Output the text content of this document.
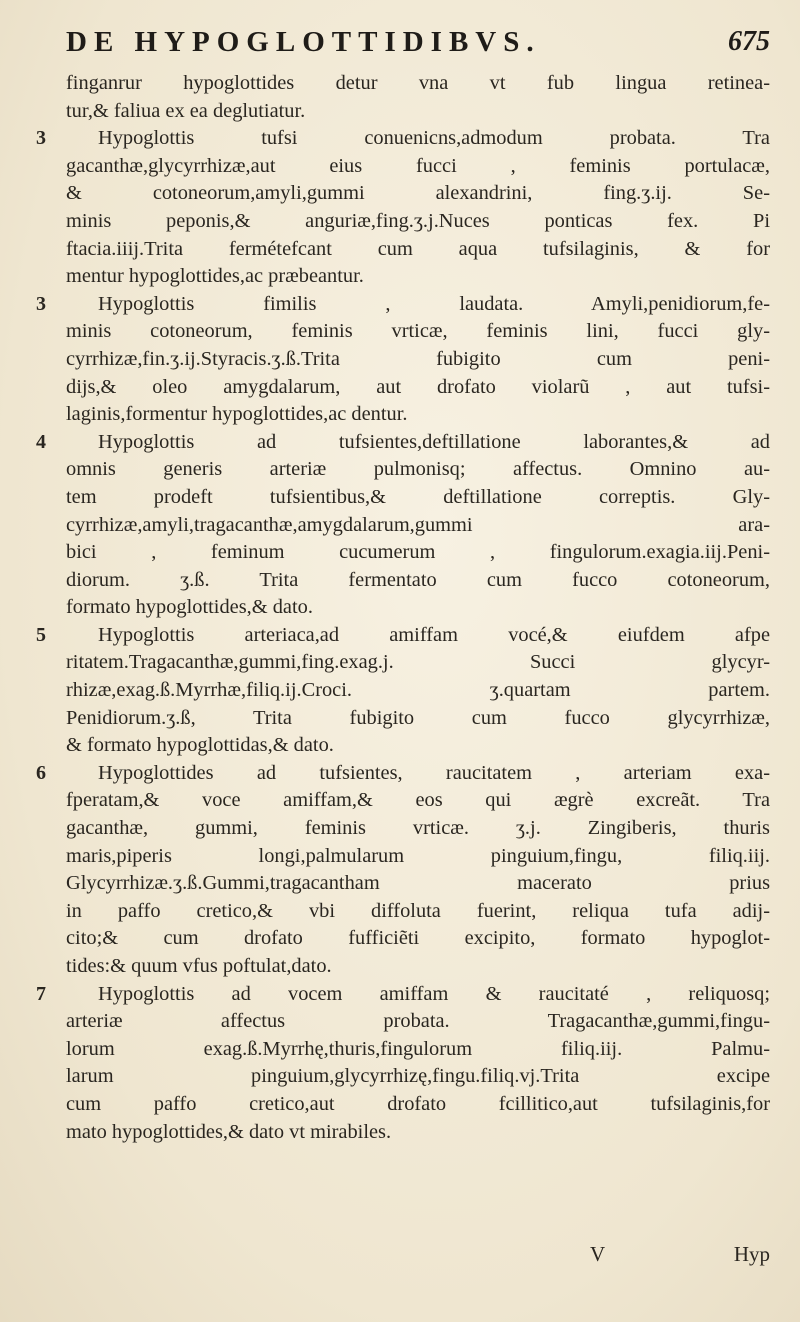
DE HYPOGLOTTIDIBVS.	675

finganrur hypoglottides detur vna vt fub lingua retinea-
tur,& faliua ex ea deglutiatur.

3	Hypoglottis tufsi conuenicns,admodum probata. Tra
gacanthæ,glycyrrhizæ,aut eius fucci , feminis portulacæ,
& cotoneorum,amyli,gummi alexandrini, fing.ʒ.ij. Se-
minis peponis,& anguriæ,fing.ʒ.j.Nuces ponticas fex. Pi
ftacia.iiij.Trita fermétefcant cum aqua tufsilaginis, & for
mentur hypoglottides,ac præbeantur.

3	Hypoglottis fimilis , laudata. Amyli,penidiorum,fe-
minis cotoneorum, feminis vrticæ, feminis lini, fucci gly-
cyrrhizæ,fin.ʒ.ij.Styracis.ʒ.ß.Trita fubigito cum peni-
dijs,& oleo amygdalarum, aut drofato violarũ , aut tufsi-
laginis,formentur hypoglottides,ac dentur.

4	Hypoglottis ad tufsientes,deftillatione laborantes,& ad
omnis generis arteriæ pulmonisq; affectus. Omnino au-
tem prodeft tufsientibus,& deftillatione correptis. Gly-
cyrrhizæ,amyli,tragacanthæ,amygdalarum,gummi ara-
bici , feminum cucumerum , fingulorum.exagia.iij.Peni-
diorum. ʒ.ß. Trita fermentato cum fucco cotoneorum,
formato hypoglottides,& dato.

5	Hypoglottis arteriaca,ad amiffam vocé,& eiufdem afpe
ritatem.Tragacanthæ,gummi,fing.exag.j. Succi glycyr-
rhizæ,exag.ß.Myrrhæ,filiq.ij.Croci. ʒ.quartam partem.
Penidiorum.ʒ.ß, Trita fubigito cum fucco glycyrrhizæ,
& formato hypoglottidas,& dato.

6	Hypoglottides ad tufsientes, raucitatem , arteriam exa-
fperatam,& voce amiffam,& eos qui ægrè excreãt. Tra
gacanthæ, gummi, feminis vrticæ. ʒ.j. Zingiberis, thuris
maris,piperis longi,palmularum pinguium,fingu, filiq.iij.
Glycyrrhizæ.ʒ.ß.Gummi,tragacantham macerato prius
in paffo cretico,& vbi diffoluta fuerint, reliqua tufa adij-
cito;& cum drofato fufficiẽti excipito, formato hypoglot-
tides:& quum vfus poftulat,dato.

7	Hypoglottis ad vocem amiffam & raucitaté , reliquosq;
arteriæ affectus probata. Tragacanthæ,gummi,fingu-
lorum exag.ß.Myrrhę,thuris,fingulorum filiq.iij. Palmu-
larum pinguium,glycyrrhizę,fingu.filiq.vj.Trita excipe
cum paffo cretico,aut drofato fcillitico,aut tufsilaginis,for
mato hypoglottides,& dato vt mirabiles.

V	Hyp
